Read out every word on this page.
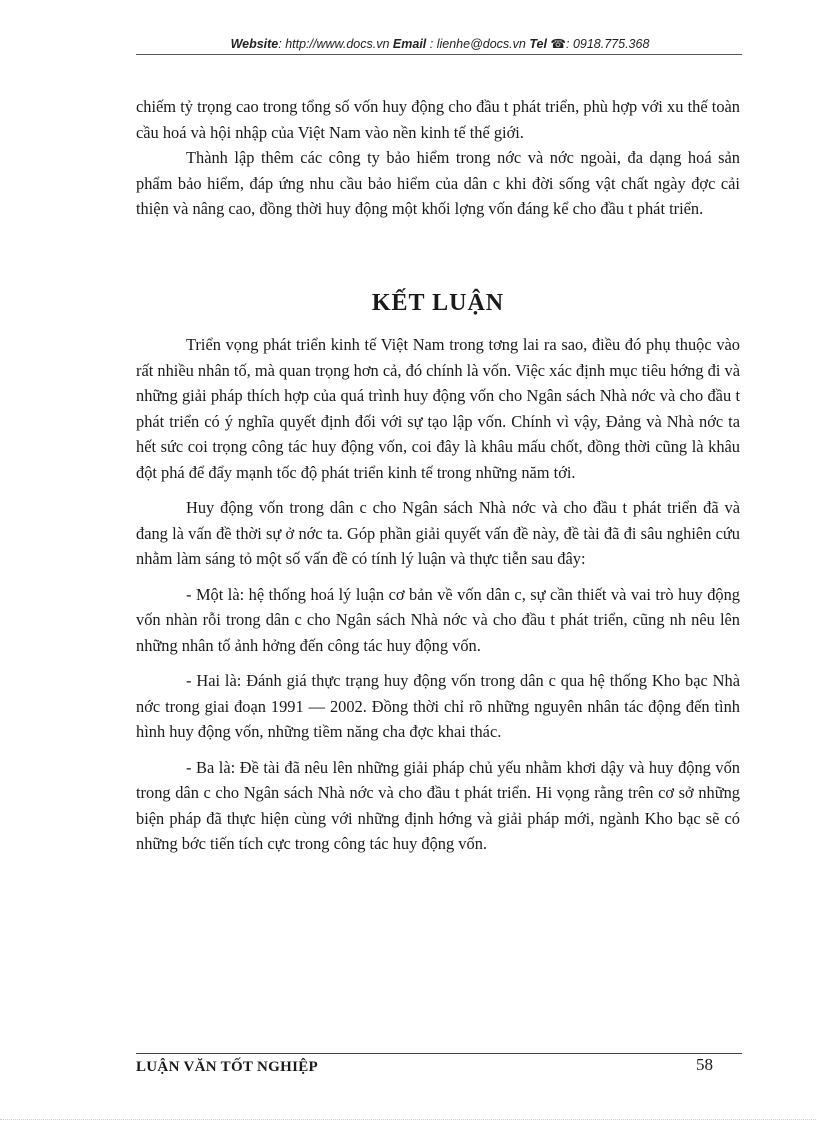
Website: http://www.docs.vn Email : lienhe@docs.vn Tel ☎: 0918.775.368

chiếm tỷ trọng cao trong tổng số vốn huy động cho đầu t phát triển, phù hợp với xu thế toàn cầu hoá và hội nhập của Việt Nam vào nền kinh tế thế giới.

Thành lập thêm các công ty bảo hiểm trong nớc và nớc ngoài, đa dạng hoá sản phẩm bảo hiểm, đáp ứng nhu cầu bảo hiểm của dân c khi đời sống vật chất ngày đợc cải thiện và nâng cao, đồng thời huy động một khối lợng vốn đáng kể cho đầu t phát triển.

KẾT LUẬN

Triển vọng phát triển kinh tế Việt Nam trong tơng lai ra sao, điều đó phụ thuộc vào rất nhiều nhân tố, mà quan trọng hơn cả, đó chính là vốn. Việc xác định mục tiêu hớng đi và những giải pháp thích hợp của quá trình huy động vốn cho Ngân sách Nhà nớc và cho đầu t phát triển có ý nghĩa quyết định đối với sự tạo lập vốn. Chính vì vậy, Đảng và Nhà nớc ta hết sức coi trọng công tác huy động vốn, coi đây là khâu mấu chốt, đồng thời cũng là khâu đột phá để đẩy mạnh tốc độ phát triển kinh tế trong những năm tới.

Huy động vốn trong dân c cho Ngân sách Nhà nớc và cho đầu t phát triển đã và đang là vấn đề thời sự ở nớc ta. Góp phần giải quyết vấn đề này, đề tài đã đi sâu nghiên cứu nhằm làm sáng tỏ một số vấn đề có tính lý luận và thực tiễn sau đây:

- Một là: hệ thống hoá lý luận cơ bản về vốn dân c, sự cần thiết và vai trò huy động vốn nhàn rỗi trong dân c cho Ngân sách Nhà nớc và cho đầu t phát triển, cũng nh nêu lên những nhân tố ảnh hởng đến công tác huy động vốn.

- Hai là: Đánh giá thực trạng huy động vốn trong dân c qua hệ thống Kho bạc Nhà nớc trong giai đoạn 1991 — 2002. Đồng thời chỉ rõ những nguyên nhân tác động đến tình hình huy động vốn, những tiềm năng cha đợc khai thác.

- Ba là: Đề tài đã nêu lên những giải pháp chủ yếu nhằm khơi dậy và huy động vốn trong dân c cho Ngân sách Nhà nớc và cho đầu t phát triển. Hi vọng rằng trên cơ sở những biện pháp đã thực hiện cùng với những định hớng và giải pháp mới, ngành Kho bạc sẽ có những bớc tiến tích cực trong công tác huy động vốn.

LUẬN VĂN TỐT NGHIỆP	58
